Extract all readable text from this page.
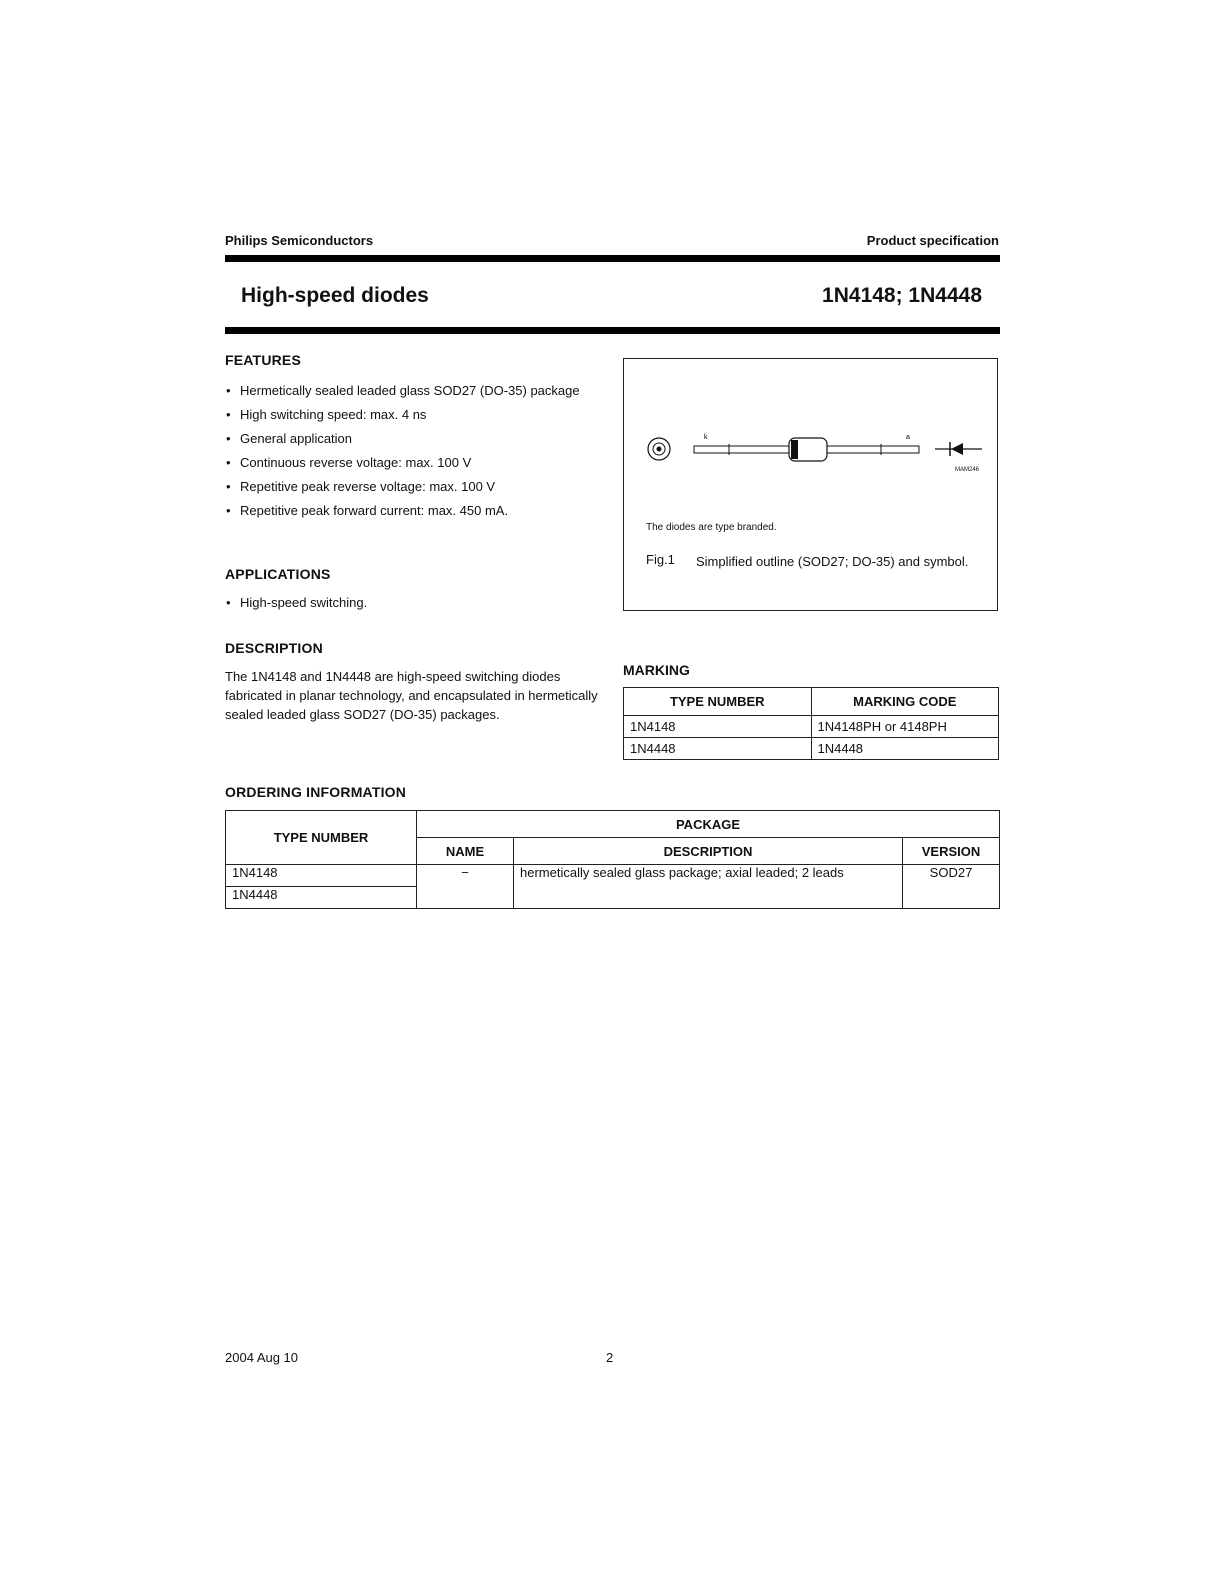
Philips Semiconductors	Product specification
High-speed diodes	1N4148; 1N4448
FEATURES
• Hermetically sealed leaded glass SOD27 (DO-35) package
• High switching speed: max. 4 ns
• General application
• Continuous reverse voltage: max. 100 V
• Repetitive peak reverse voltage: max. 100 V
• Repetitive peak forward current: max. 450 mA.
APPLICATIONS
• High-speed switching.
DESCRIPTION
The 1N4148 and 1N4448 are high-speed switching diodes fabricated in planar technology, and encapsulated in hermetically sealed leaded glass SOD27 (DO-35) packages.
k	a
MAM246
The diodes are type branded.
Fig.1 Simplified outline (SOD27; DO-35) and symbol.
MARKING
TYPE NUMBER	MARKING CODE
1N4148	1N4148PH or 4148PH
1N4448	1N4448
ORDERING INFORMATION
TYPE NUMBER	PACKAGE		
	NAME	DESCRIPTION	VERSION
1N4148	−	hermetically sealed glass package; axial leaded; 2 leads	SOD27
1N4448			
2004 Aug 10	2
